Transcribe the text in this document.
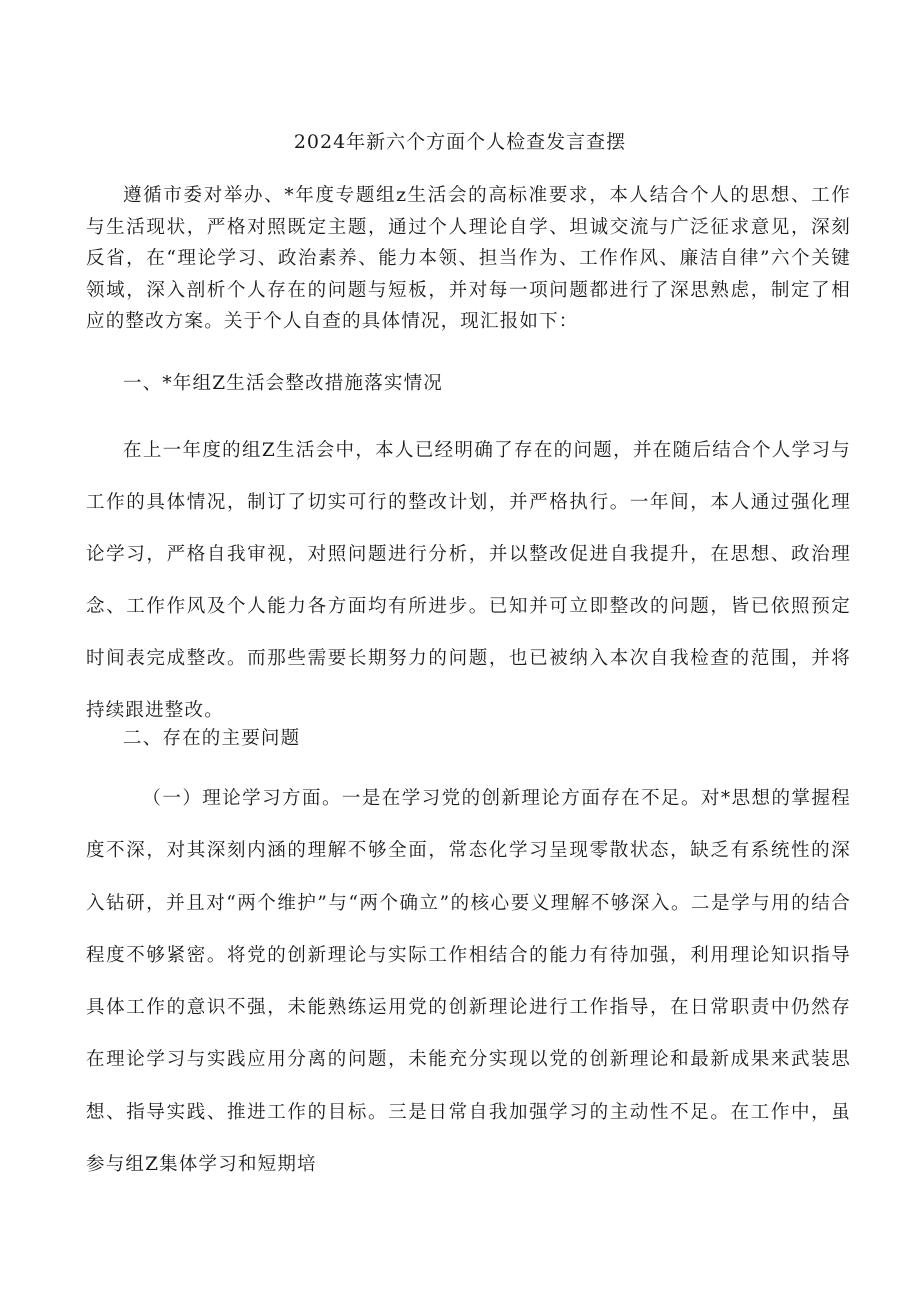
2024年新六个方面个人检查发言查摆

遵循市委对举办、*年度专题组z生活会的高标准要求，本人结合个人的思想、工作与生活现状，严格对照既定主题，通过个人理论自学、坦诚交流与广泛征求意见，深刻反省，在“理论学习、政治素养、能力本领、担当作为、工作作风、廉洁自律”六个关键领域，深入剖析个人存在的问题与短板，并对每一项问题都进行了深思熟虑，制定了相应的整改方案。关于个人自查的具体情况，现汇报如下：

一、*年组Z生活会整改措施落实情况

在上一年度的组Z生活会中，本人已经明确了存在的问题，并在随后结合个人学习与工作的具体情况，制订了切实可行的整改计划，并严格执行。一年间，本人通过强化理论学习，严格自我审视，对照问题进行分析，并以整改促进自我提升，在思想、政治理念、工作作风及个人能力各方面均有所进步。已知并可立即整改的问题，皆已依照预定时间表完成整改。而那些需要长期努力的问题，也已被纳入本次自我检查的范围，并将持续跟进整改。

二、存在的主要问题

（一）理论学习方面。一是在学习党的创新理论方面存在不足。对*思想的掌握程度不深，对其深刻内涵的理解不够全面，常态化学习呈现零散状态，缺乏有系统性的深入钻研，并且对“两个维护”与“两个确立”的核心要义理解不够深入。二是学与用的结合程度不够紧密。将党的创新理论与实际工作相结合的能力有待加强，利用理论知识指导具体工作的意识不强，未能熟练运用党的创新理论进行工作指导，在日常职责中仍然存在理论学习与实践应用分离的问题，未能充分实现以党的创新理论和最新成果来武装思想、指导实践、推进工作的目标。三是日常自我加强学习的主动性不足。在工作中，虽参与组Z集体学习和短期培
